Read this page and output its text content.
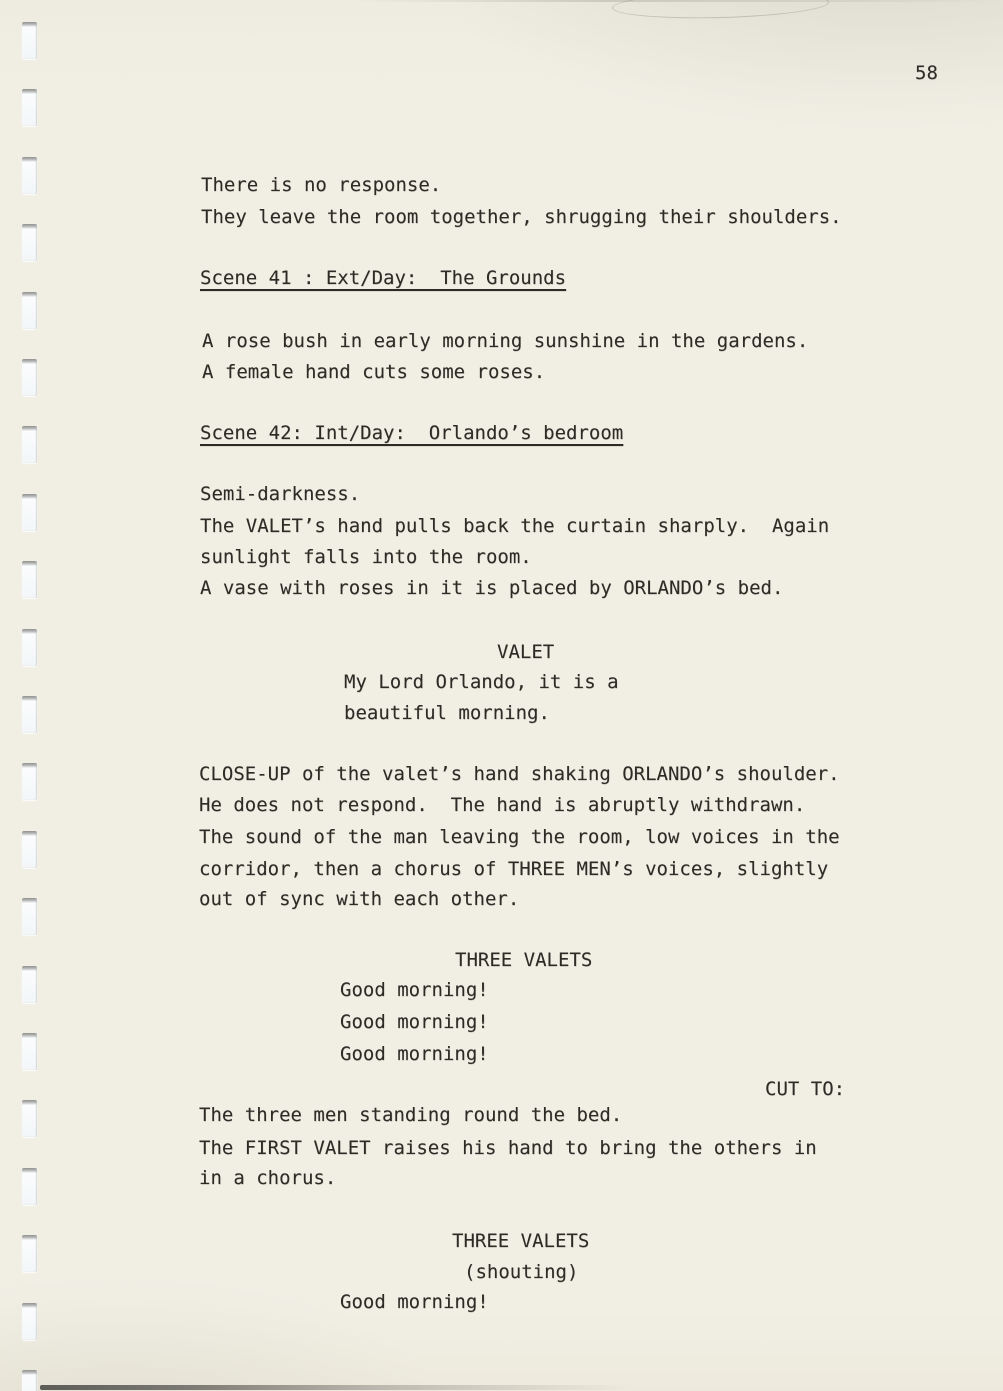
58
There is no response.
They leave the room together, shrugging their shoulders.
Scene 41 : Ext/Day:  The Grounds
A rose bush in early morning sunshine in the gardens.
A female hand cuts some roses.
Scene 42: Int/Day:  Orlando’s bedroom
Semi-darkness.
The VALET’s hand pulls back the curtain sharply.  Again
sunlight falls into the room.
A vase with roses in it is placed by ORLANDO’s bed.
VALET
My Lord Orlando, it is a
beautiful morning.
CLOSE-UP of the valet’s hand shaking ORLANDO’s shoulder.
He does not respond.  The hand is abruptly withdrawn.
The sound of the man leaving the room, low voices in the
corridor, then a chorus of THREE MEN’s voices, slightly
out of sync with each other.
THREE VALETS
Good morning!
Good morning!
Good morning!
CUT TO:
The three men standing round the bed.
The FIRST VALET raises his hand to bring the others in
in a chorus.
THREE VALETS
(shouting)
Good morning!
